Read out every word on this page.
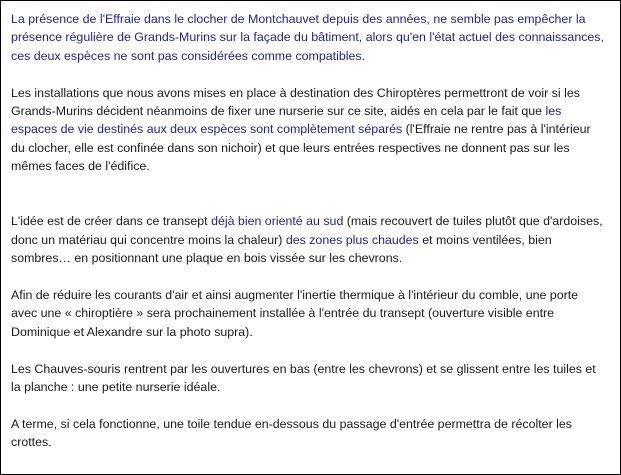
La présence de l'Effraie dans le clocher de Montchauvet depuis des années, ne semble pas empêcher la présence régulière de Grands-Murins sur la façade du bâtiment, alors qu'en l'état actuel des connaissances, ces deux espèces ne sont pas considérées comme compatibles.

Les installations que nous avons mises en place à destination des Chiroptères permettront de voir si les Grands-Murins décident néanmoins de fixer une nurserie sur ce site, aidés en cela par le fait que les espaces de vie destinés aux deux espèces sont complètement séparés (l'Effraie ne rentre pas à l'intérieur du clocher, elle est confinée dans son nichoir) et que leurs entrées respectives ne donnent pas sur les mêmes faces de l'édifice.

L'idée est de créer dans ce transept déjà bien orienté au sud (mais recouvert de tuiles plutôt que d'ardoises, donc un matériau qui concentre moins la chaleur) des zones plus chaudes et moins ventilées, bien sombres… en positionnant une plaque en bois vissée sur les chevrons.

Afin de réduire les courants d'air et ainsi augmenter l'inertie thermique à l'intérieur du comble, une porte avec une « chiroptière » sera prochainement installée à l'entrée du transept (ouverture visible entre Dominique et Alexandre sur la photo supra).

Les Chauves-souris rentrent par les ouvertures en bas (entre les chevrons) et se glissent entre les tuiles et la planche : une petite nurserie idéale.

A terme, si cela fonctionne, une toile tendue en-dessous du passage d'entrée permettra de récolter les crottes.
